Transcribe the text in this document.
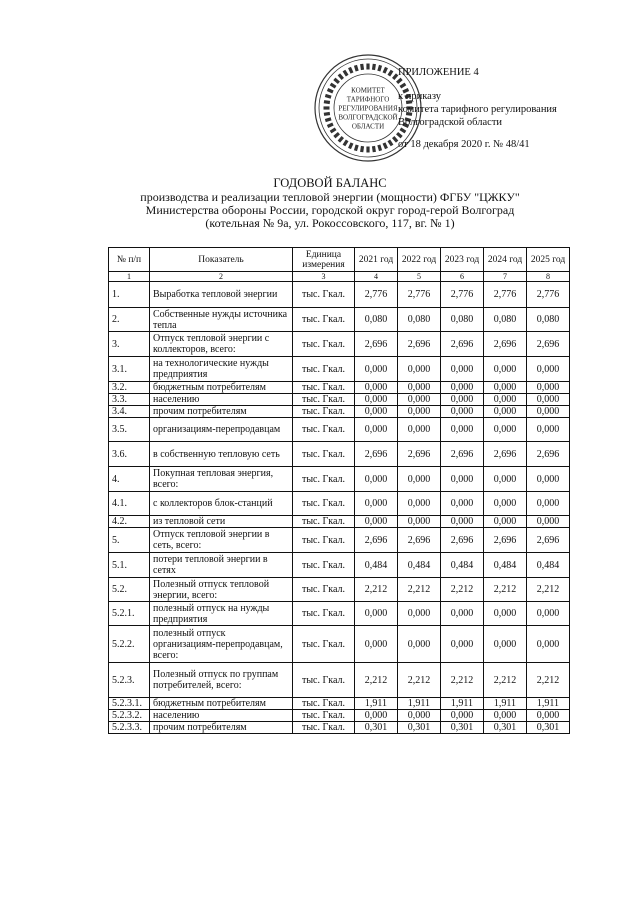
КОМИТЕТ
ТАРИФНОГО
РЕГУЛИРОВАНИЯ
ВОЛГОГРАДСКОЙ
ОБЛАСТИ
ПРИЛОЖЕНИЕ 4
к приказу
комитета тарифного регулирования
Волгоградской области
от 18 декабря 2020 г. № 48/41
ГОДОВОЙ БАЛАНС
производства и реализации тепловой энергии (мощности) ФГБУ "ЦЖКУ"
Министерства обороны России, городской округ город-герой Волгоград
(котельная № 9а, ул. Рокоссовского, 117, вг. № 1)
№ п/п	Показатель	Единица измерения	2021 год	2022 год	2023 год	2024 год	2025 год
1	2	3	4	5	6	7	8
1.	Выработка тепловой энергии	тыс. Гкал.	2,776	2,776	2,776	2,776	2,776
2.	Собственные нужды источника тепла	тыс. Гкал.	0,080	0,080	0,080	0,080	0,080
3.	Отпуск тепловой энергии с коллекторов, всего:	тыс. Гкал.	2,696	2,696	2,696	2,696	2,696
3.1.	на технологические нужды предприятия	тыс. Гкал.	0,000	0,000	0,000	0,000	0,000
3.2.	бюджетным потребителям	тыс. Гкал.	0,000	0,000	0,000	0,000	0,000
3.3.	населению	тыс. Гкал.	0,000	0,000	0,000	0,000	0,000
3.4.	прочим потребителям	тыс. Гкал.	0,000	0,000	0,000	0,000	0,000
3.5.	организациям-перепродавцам	тыс. Гкал.	0,000	0,000	0,000	0,000	0,000
3.6.	в собственную тепловую сеть	тыс. Гкал.	2,696	2,696	2,696	2,696	2,696
4.	Покупная тепловая энергия, всего:	тыс. Гкал.	0,000	0,000	0,000	0,000	0,000
4.1.	с коллекторов блок-станций	тыс. Гкал.	0,000	0,000	0,000	0,000	0,000
4.2.	из тепловой сети	тыс. Гкал.	0,000	0,000	0,000	0,000	0,000
5.	Отпуск тепловой энергии в сеть, всего:	тыс. Гкал.	2,696	2,696	2,696	2,696	2,696
5.1.	потери тепловой энергии в сетях	тыс. Гкал.	0,484	0,484	0,484	0,484	0,484
5.2.	Полезный отпуск тепловой энергии, всего:	тыс. Гкал.	2,212	2,212	2,212	2,212	2,212
5.2.1.	полезный отпуск на нужды предприятия	тыс. Гкал.	0,000	0,000	0,000	0,000	0,000
5.2.2.	полезный отпуск организациям-перепродавцам, всего:	тыс. Гкал.	0,000	0,000	0,000	0,000	0,000
5.2.3.	Полезный отпуск по группам потребителей, всего:	тыс. Гкал.	2,212	2,212	2,212	2,212	2,212
5.2.3.1.	бюджетным потребителям	тыс. Гкал.	1,911	1,911	1,911	1,911	1,911
5.2.3.2.	населению	тыс. Гкал.	0,000	0,000	0,000	0,000	0,000
5.2.3.3.	прочим потребителям	тыс. Гкал.	0,301	0,301	0,301	0,301	0,301
